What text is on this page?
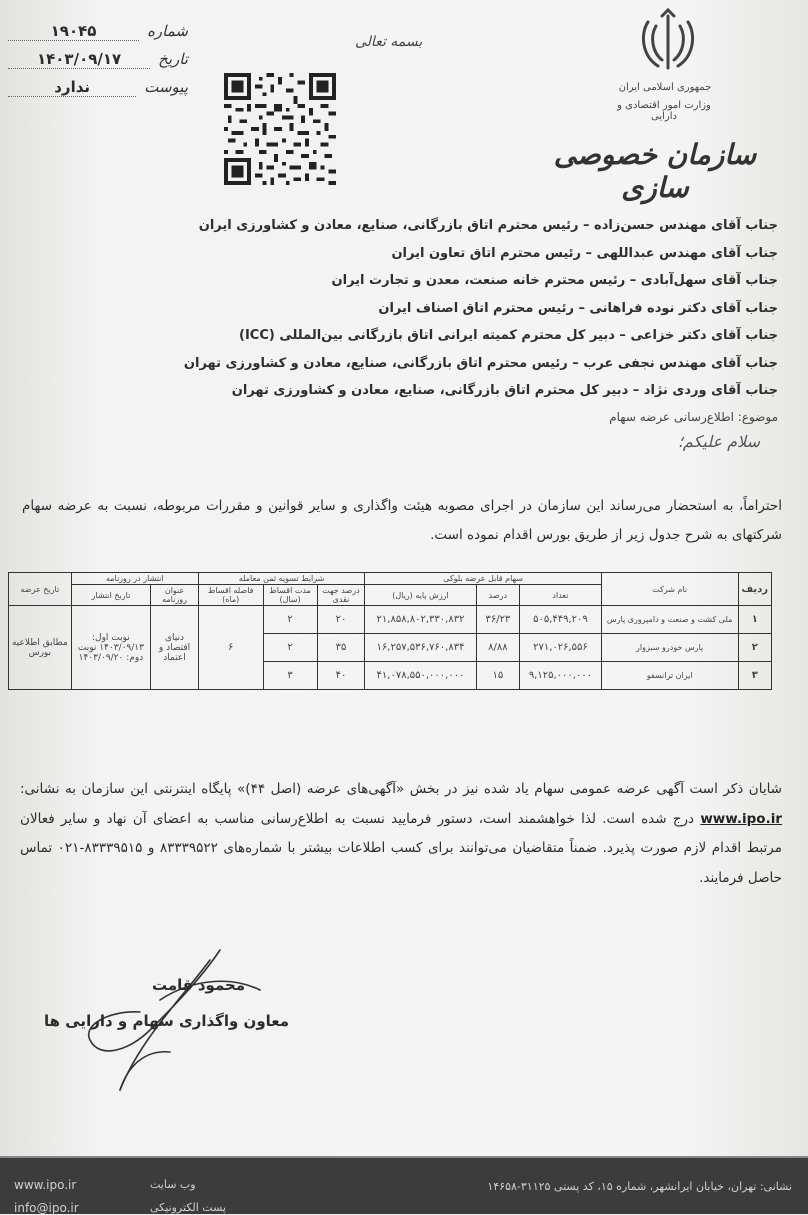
شماره
۱۹۰۴۵
تاریخ
۱۴۰۳/۰۹/۱۷
پیوست
ندارد
بسمه تعالی
جمهوری اسلامی ایران
وزارت امور اقتصادی و دارایی
سازمان خصوصی سازی
جناب آقای مهندس حسن‌زاده – رئیس محترم اتاق بازرگانی، صنایع، معادن و کشاورزی ایران
جناب آقای مهندس عبداللهی – رئیس محترم اتاق تعاون ایران
جناب آقای سهل‌آبادی – رئیس محترم خانه صنعت، معدن و تجارت ایران
جناب آقای دکتر نوده فراهانی – رئیس محترم اتاق اصناف ایران
جناب آقای دکتر خزاعی – دبیر کل محترم کمیته ایرانی اتاق بازرگانی بین‌المللی (ICC)
جناب آقای مهندس نجفی عرب – رئیس محترم اتاق بازرگانی، صنایع، معادن و کشاورزی تهران
جناب آقای وردی نژاد – دبیر کل محترم اتاق بازرگانی، صنایع، معادن و کشاورزی تهران
موضوع: اطلاع‌رسانی عرضه سهام
سلام علیکم؛
احتراماً، به استحضار می‌رساند این سازمان در اجرای مصوبه هیئت واگذاری و سایر قوانین و مقررات مربوطه، نسبت به عرضه سهام شرکتهای به شرح جدول زیر از طریق بورس اقدام نموده است.
ردیف	نام شرکت	سهام قابل عرضه بلوکی			شرایط تسویه ثمن معامله			انتشار در روزنامه		تاریخ عرضه
		تعداد	درصد	ارزش پایه (ریال)	درصد جهت نقدی	مدت اقساط (سال)	فاصله اقساط (ماه)	عنوان روزنامه	تاریخ انتشار	

۱	ملی کشت و صنعت و دامپروری پارس	۵۰۵,۴۴۹,۲۰۹	۳۶/۲۳	۲۱,۸۵۸,۸۰۲,۳۳۰,۸۳۲	۲۰	۲	۶	دنیای اقتصاد و اعتماد	نوبت اول: ۱۴۰۳/۰۹/۱۳ نوبت دوم: ۱۴۰۳/۰۹/۲۰	مطابق اطلاعیه بورس
۲	پارس خودرو سبزوار	۲۷۱,۰۲۶,۵۵۶	۸/۸۸	۱۶,۲۵۷,۵۳۶,۷۶۰,۸۳۴	۳۵	۲				
۳	ایران ترانسفو	۹,۱۲۵,۰۰۰,۰۰۰	۱۵	۴۱,۰۷۸,۵۵۰,۰۰۰,۰۰۰	۴۰	۳				
شایان ذکر است آگهی عرضه عمومی سهام یاد شده نیز در بخش «آگهی‌های عرضه (اصل ۴۴)» پایگاه اینترنتی این سازمان به نشانی: www.ipo.ir درج شده است. لذا خواهشمند است، دستور فرمایید نسبت به اطلاع‌رسانی مناسب به اعضای آن نهاد و سایر فعالان مرتبط اقدام لازم صورت پذیرد. ضمناً متقاضیان می‌توانند برای کسب اطلاعات بیشتر با شماره‌های ۸۳۳۳۹۵۲۲ و ۸۳۳۳۹۵۱۵-۰۲۱ تماس حاصل فرمایند.
محمود قامت
معاون واگذاری سهام و دارایی ها
www.ipo.ir
info@ipo.ir
وب سایت
پست الکترونیکی
نشانی: تهران، خیابان ایرانشهر، شماره ۱۵، کد پستی ۳۱۱۲۵-۱۴۶۵۸
